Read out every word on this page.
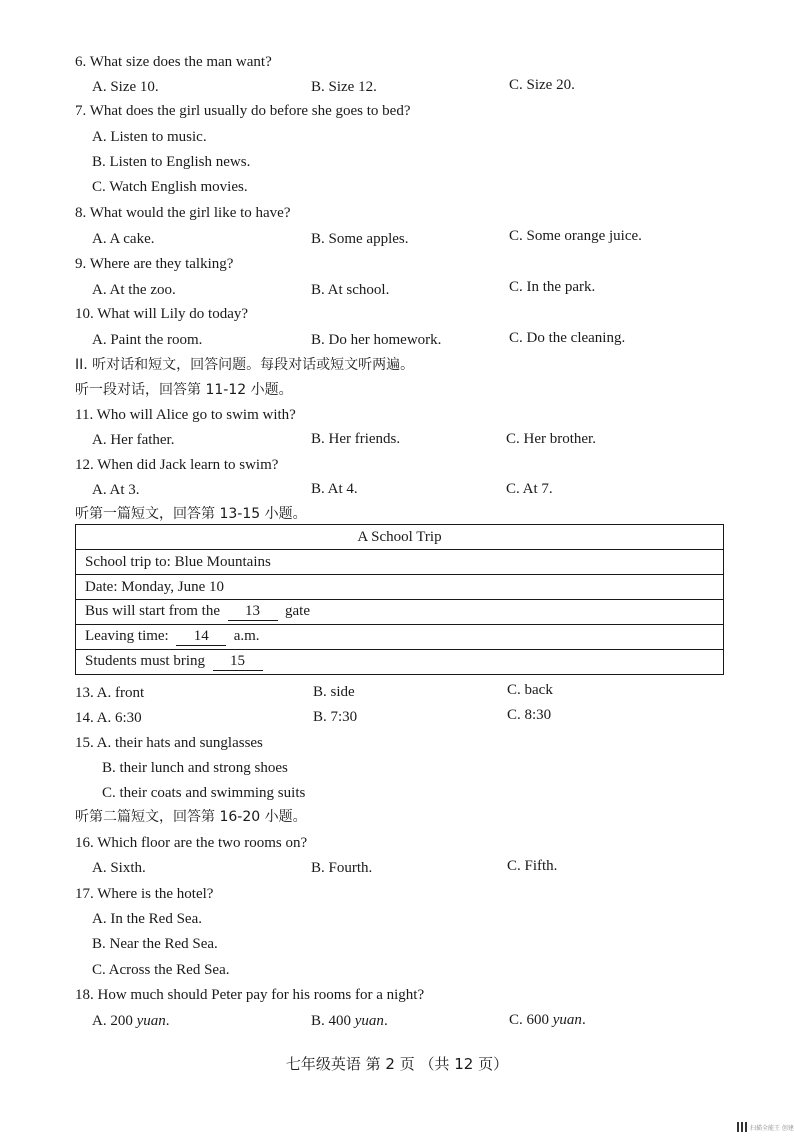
6. What size does the man want?
A. Size 10.	B. Size 12.	C. Size 20.
7. What does the girl usually do before she goes to bed?
A. Listen to music.
B. Listen to English news.
C. Watch English movies.
8. What would the girl like to have?
A. A cake.	B. Some apples.	C. Some orange juice.
9. Where are they talking?
A. At the zoo.	B. At school.	C. In the park.
10. What will Lily do today?
A. Paint the room.	B. Do her homework.	C. Do the cleaning.
II. 听对话和短文，回答问题。每段对话或短文听两遍。
听一段对话，回答第 11-12 小题。
11. Who will Alice go to swim with?
A. Her father.	B. Her friends.	C. Her brother.
12. When did Jack learn to swim?
A. At 3.	B. At 4.	C. At 7.
听第一篇短文，回答第 13-15 小题。
A School Trip
School trip to: Blue Mountains
Date: Monday, June 10
Bus will start from the 13 gate
Leaving time: 14 a.m.
Students must bring 15
13. A. front	B. side	C. back
14. A. 6:30	B. 7:30	C. 8:30
15. A. their hats and sunglasses
B. their lunch and strong shoes
C. their coats and swimming suits
听第二篇短文，回答第 16-20 小题。
16. Which floor are the two rooms on?
A. Sixth.	B. Fourth.	C. Fifth.
17. Where is the hotel?
A. In the Red Sea.
B. Near the Red Sea.
C. Across the Red Sea.
18. How much should Peter pay for his rooms for a night?
A. 200 yuan.	B. 400 yuan.	C. 600 yuan.
七年级英语 第 2 页 （共 12 页）
扫描全能王 创建
